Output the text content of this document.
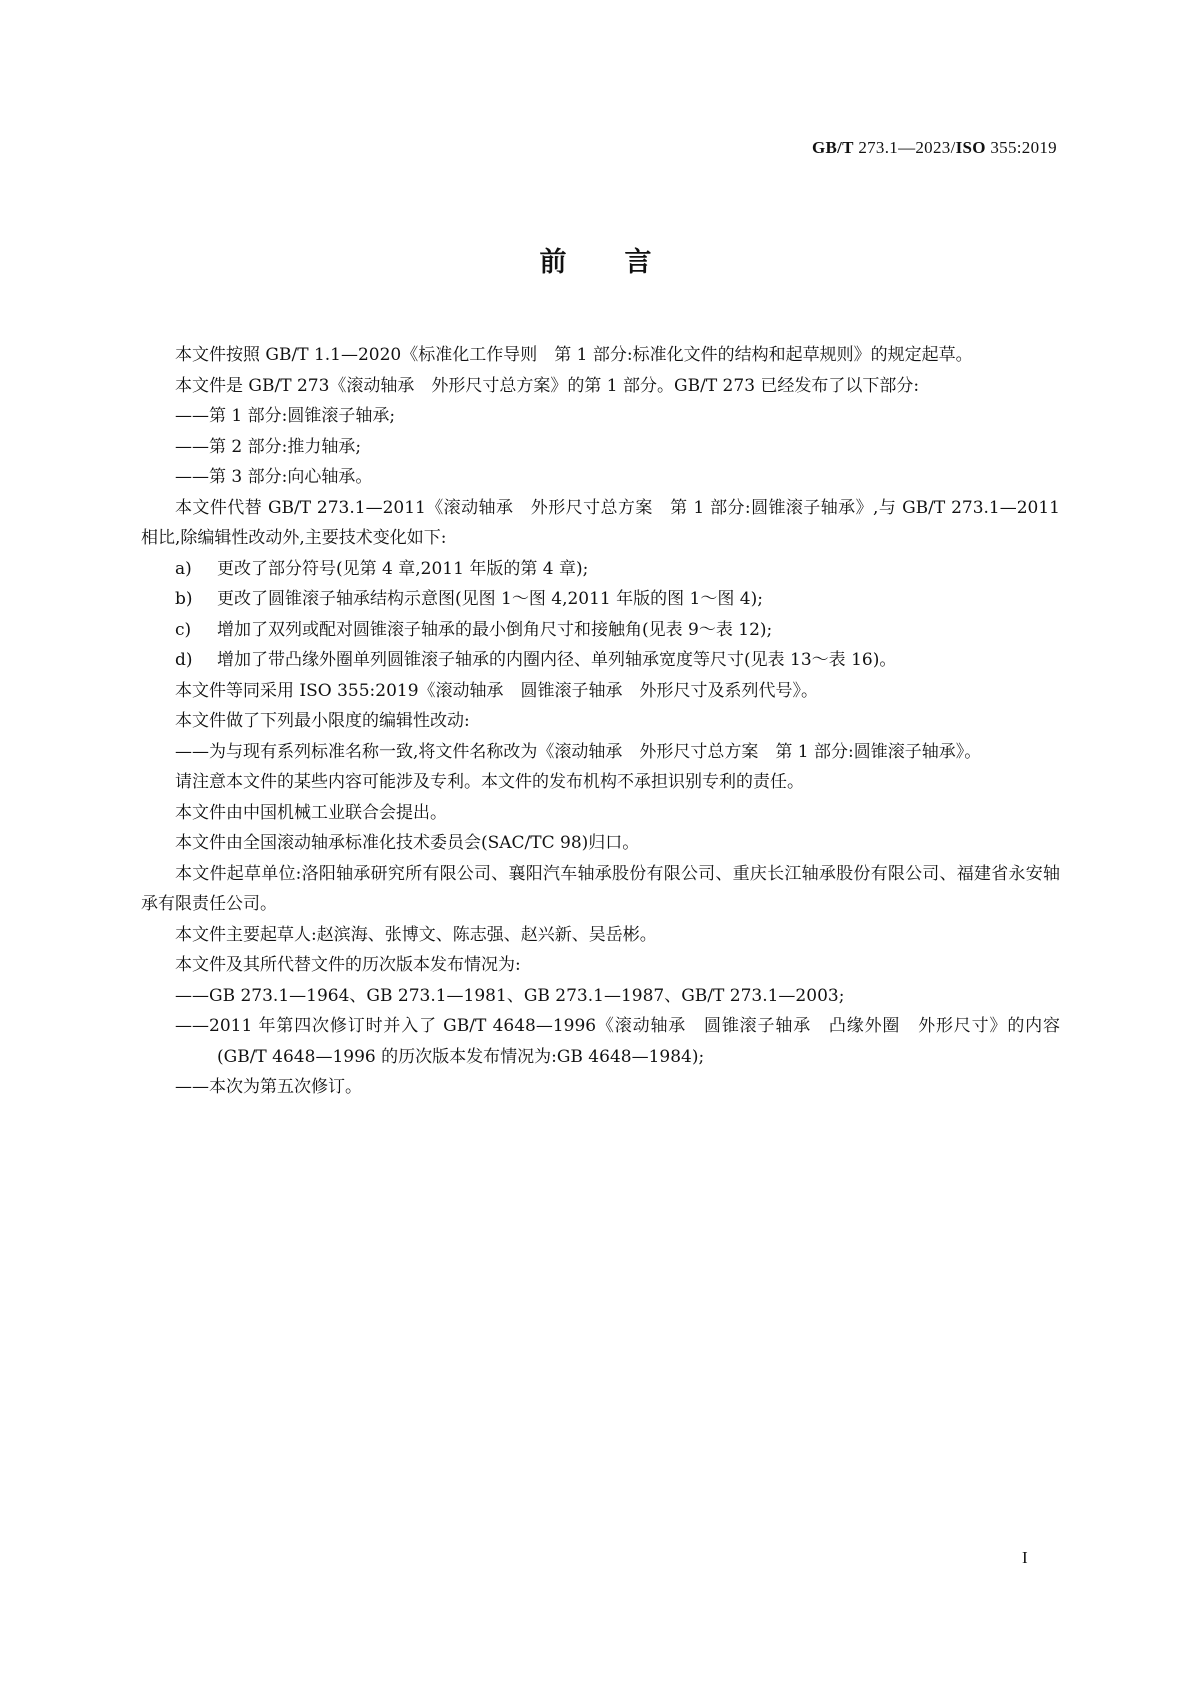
GB/T 273.1—2023/ISO 355:2019
前言

本文件按照 GB/T 1.1—2020《标准化工作导则　第 1 部分:标准化文件的结构和起草规则》的规定起草。

本文件是 GB/T 273《滚动轴承　外形尺寸总方案》的第 1 部分。GB/T 273 已经发布了以下部分:

——第 1 部分:圆锥滚子轴承;

——第 2 部分:推力轴承;

——第 3 部分:向心轴承。

本文件代替 GB/T 273.1—2011《滚动轴承　外形尺寸总方案　第 1 部分:圆锥滚子轴承》,与 GB/T 273.1—2011 相比,除编辑性改动外,主要技术变化如下:

a) 更改了部分符号(见第 4 章,2011 年版的第 4 章);

b) 更改了圆锥滚子轴承结构示意图(见图 1～图 4,2011 年版的图 1～图 4);

c) 增加了双列或配对圆锥滚子轴承的最小倒角尺寸和接触角(见表 9～表 12);

d) 增加了带凸缘外圈单列圆锥滚子轴承的内圈内径、单列轴承宽度等尺寸(见表 13～表 16)。

本文件等同采用 ISO 355:2019《滚动轴承　圆锥滚子轴承　外形尺寸及系列代号》。

本文件做了下列最小限度的编辑性改动:

——为与现有系列标准名称一致,将文件名称改为《滚动轴承　外形尺寸总方案　第 1 部分:圆锥滚子轴承》。

请注意本文件的某些内容可能涉及专利。本文件的发布机构不承担识别专利的责任。

本文件由中国机械工业联合会提出。

本文件由全国滚动轴承标准化技术委员会(SAC/TC 98)归口。

本文件起草单位:洛阳轴承研究所有限公司、襄阳汽车轴承股份有限公司、重庆长江轴承股份有限公司、福建省永安轴承有限责任公司。

本文件主要起草人:赵滨海、张博文、陈志强、赵兴新、吴岳彬。

本文件及其所代替文件的历次版本发布情况为:

——GB 273.1—1964、GB 273.1—1981、GB 273.1—1987、GB/T 273.1—2003;

——2011 年第四次修订时并入了 GB/T 4648—1996《滚动轴承　圆锥滚子轴承　凸缘外圈　外形尺寸》的内容(GB/T 4648—1996 的历次版本发布情况为:GB 4648—1984);

——本次为第五次修订。

I
